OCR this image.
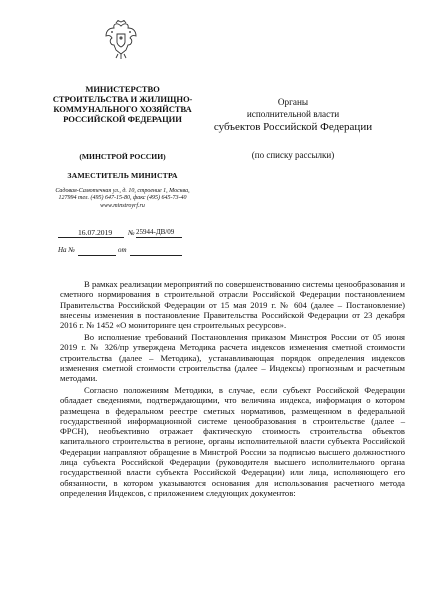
МИНИСТЕРСТВО СТРОИТЕЛЬСТВА И ЖИЛИЩНО-КОММУНАЛЬНОГО ХОЗЯЙСТВА РОССИЙСКОЙ ФЕДЕРАЦИИ
(МИНСТРОЙ РОССИИ)
ЗАМЕСТИТЕЛЬ МИНИСТРА
Садовая-Самотечная ул., д. 10, строение 1, Москва, 127994 тел. (495) 647-15-80, факс (495) 645-73-40 www.minstroyrf.ru
16.07.2019 № 25944-ДВ/09
На №	от
Органы
исполнительной власти
субъектов Российской Федерации
(по списку рассылки)

В рамках реализации мероприятий по совершенствованию системы ценообразования и сметного нормирования в строительной отрасли Российской Федерации постановлением Правительства Российской Федерации от 15 мая 2019 г. № 604 (далее – Постановление) внесены изменения в постановление Правительства Российской Федерации от 23 декабря 2016 г. № 1452 «О мониторинге цен строительных ресурсов».

Во исполнение требований Постановления приказом Минстроя России от 05 июня 2019 г. № 326/пр утверждена Методика расчета индексов изменения сметной стоимости строительства (далее – Методика), устанавливающая порядок определения индексов изменения сметной стоимости строительства (далее – Индексы) прогнозным и расчетным методами.

Согласно положениям Методики, в случае, если субъект Российской Федерации обладает сведениями, подтверждающими, что величина индекса, информация о котором размещена в федеральном реестре сметных нормативов, размещенном в федеральной государственной информационной системе ценообразования в строительстве (далее – ФРСН), необъективно отражает фактическую стоимость строительства объектов капитального строительства в регионе, органы исполнительной власти субъекта Российской Федерации направляют обращение в Минстрой России за подписью высшего должностного лица субъекта Российской Федерации (руководителя высшего исполнительного органа государственной власти субъекта Российской Федерации) или лица, исполняющего его обязанности, в котором указываются основания для использования расчетного метода определения Индексов, с приложением следующих документов:
